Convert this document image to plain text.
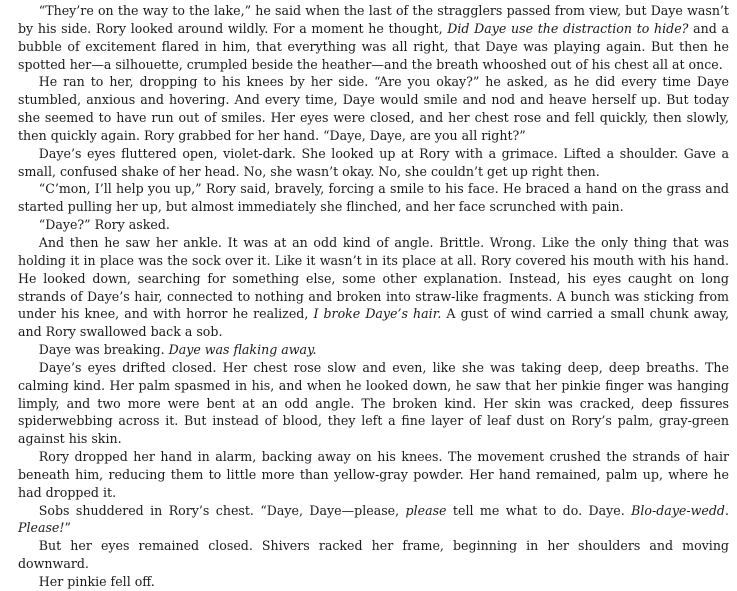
“They’re on the way to the lake,” he said when the last of the stragglers passed from view, but Daye wasn’t by his side. Rory looked around wildly. For a moment he thought, Did Daye use the distraction to hide? and a bubble of excitement flared in him, that everything was all right, that Daye was playing again. But then he spotted her—a silhouette, crumpled beside the heather—and the breath whooshed out of his chest all at once.

He ran to her, dropping to his knees by her side. “Are you okay?” he asked, as he did every time Daye stumbled, anxious and hovering. And every time, Daye would smile and nod and heave herself up. But today she seemed to have run out of smiles. Her eyes were closed, and her chest rose and fell quickly, then slowly, then quickly again. Rory grabbed for her hand. “Daye, Daye, are you all right?”

Daye’s eyes fluttered open, violet-dark. She looked up at Rory with a grimace. Lifted a shoulder. Gave a small, confused shake of her head. No, she wasn’t okay. No, she couldn’t get up right then.

“C’mon, I’ll help you up,” Rory said, bravely, forcing a smile to his face. He braced a hand on the grass and started pulling her up, but almost immediately she flinched, and her face scrunched with pain.

“Daye?” Rory asked.

And then he saw her ankle. It was at an odd kind of angle. Brittle. Wrong. Like the only thing that was holding it in place was the sock over it. Like it wasn’t in its place at all. Rory covered his mouth with his hand. He looked down, searching for something else, some other explanation. Instead, his eyes caught on long strands of Daye’s hair, connected to nothing and broken into straw-like fragments. A bunch was sticking from under his knee, and with horror he realized, I broke Daye’s hair. A gust of wind carried a small chunk away, and Rory swallowed back a sob.

Daye was breaking. Daye was flaking away.

Daye’s eyes drifted closed. Her chest rose slow and even, like she was taking deep, deep breaths. The calming kind. Her palm spasmed in his, and when he looked down, he saw that her pinkie finger was hanging limply, and two more were bent at an odd angle. The broken kind. Her skin was cracked, deep fissures spiderwebbing across it. But instead of blood, they left a fine layer of leaf dust on Rory’s palm, gray-green against his skin.

Rory dropped her hand in alarm, backing away on his knees. The movement crushed the strands of hair beneath him, reducing them to little more than yellow-gray powder. Her hand remained, palm up, where he had dropped it.

Sobs shuddered in Rory’s chest. “Daye, Daye—please, please tell me what to do. Daye. Blo-daye-wedd. Please!”

But her eyes remained closed. Shivers racked her frame, beginning in her shoulders and moving downward.

Her pinkie fell off.
